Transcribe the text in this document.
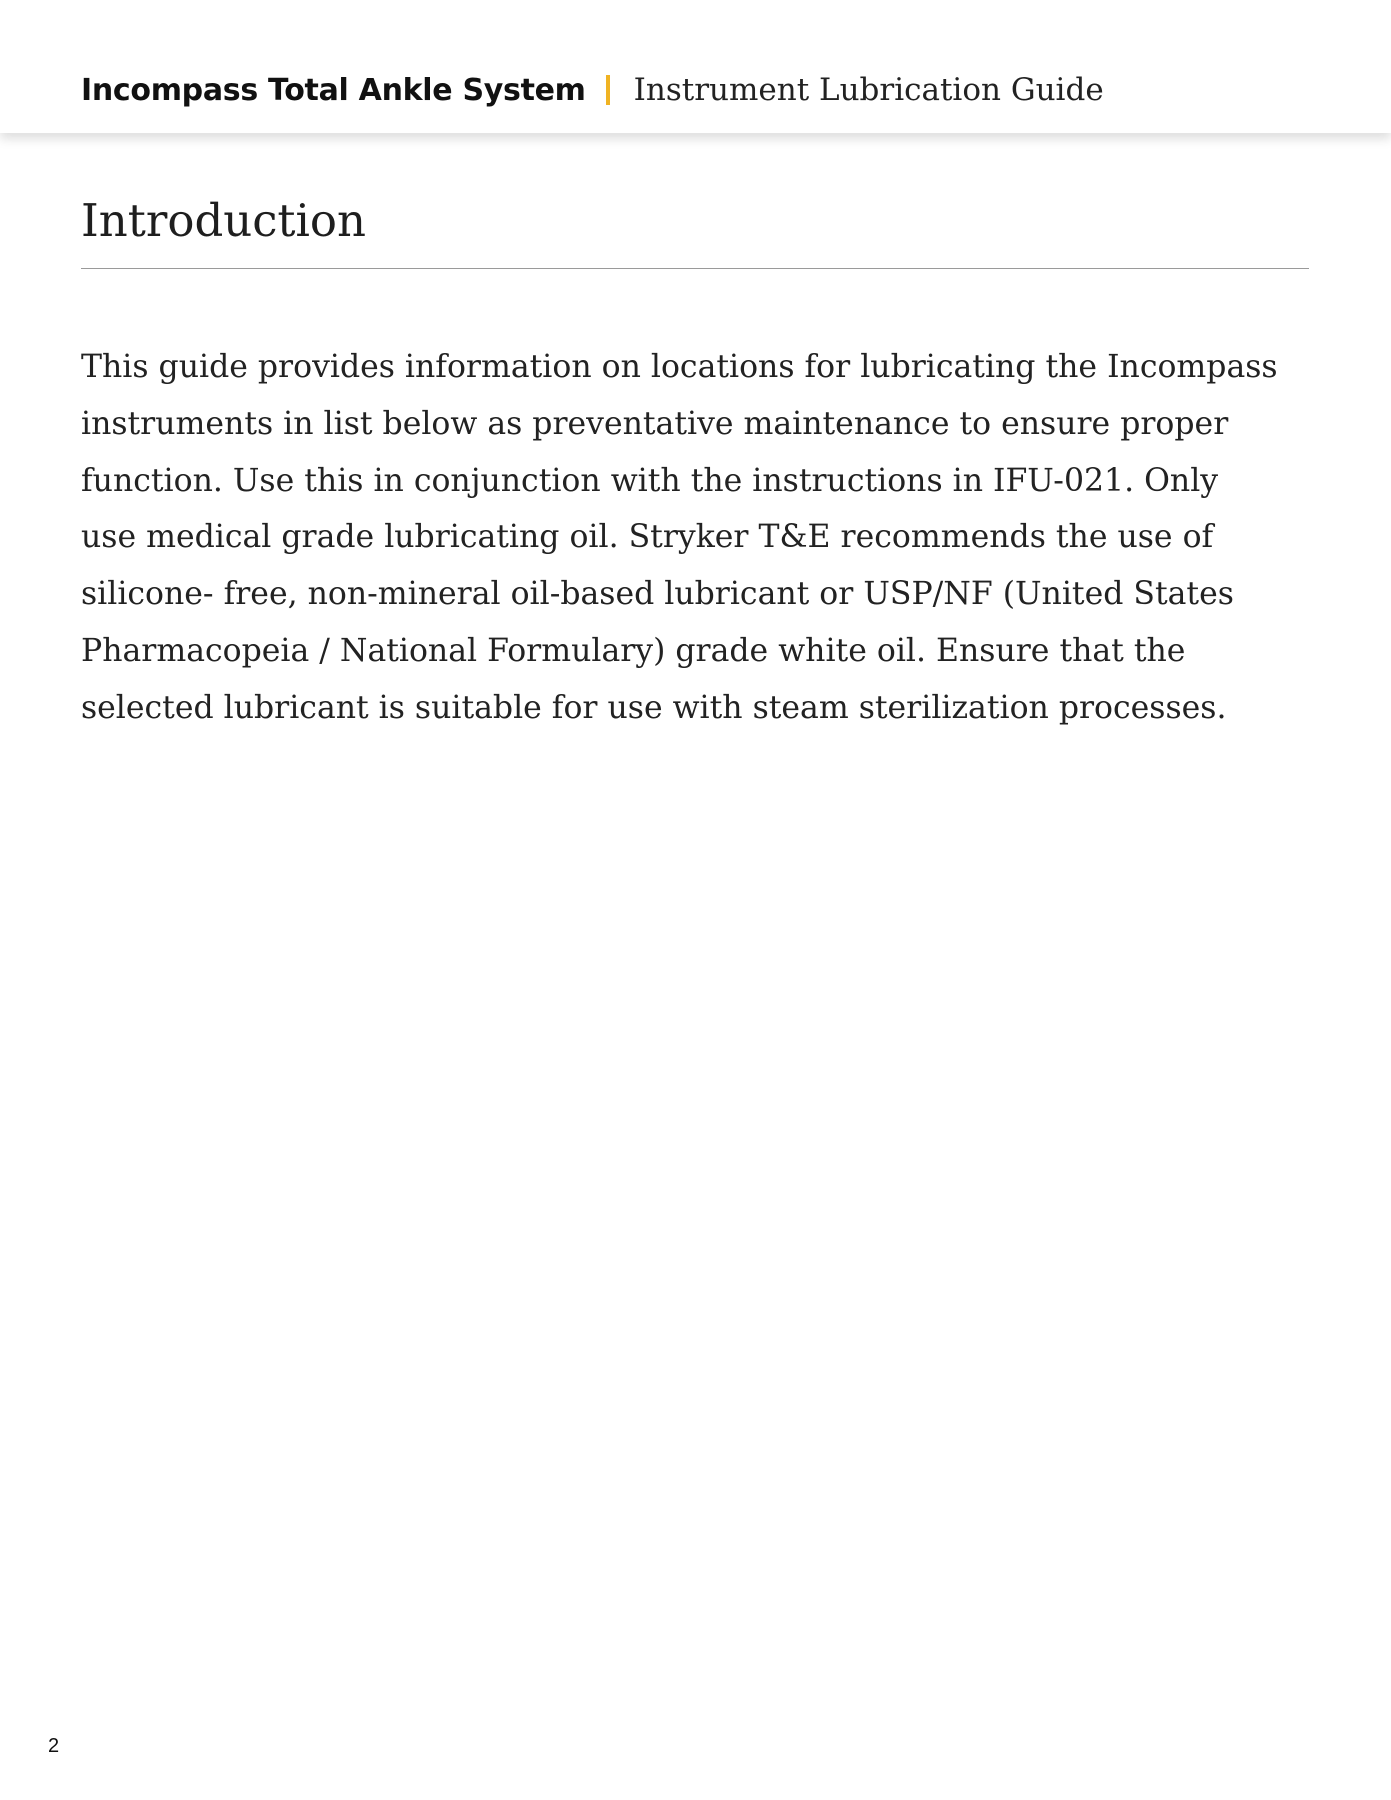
Incompass Total Ankle System Instrument Lubrication Guide
Introduction

This guide provides information on locations for lubricating the Incompass
instruments in list below as preventative maintenance to ensure proper
function. Use this in conjunction with the instructions in IFU-021. Only
use medical grade lubricating oil. Stryker T&E recommends the use of
silicone- free, non-mineral oil-based lubricant or USP/NF (United States
Pharmacopeia / National Formulary) grade white oil. Ensure that the
selected lubricant is suitable for use with steam sterilization processes.

2
